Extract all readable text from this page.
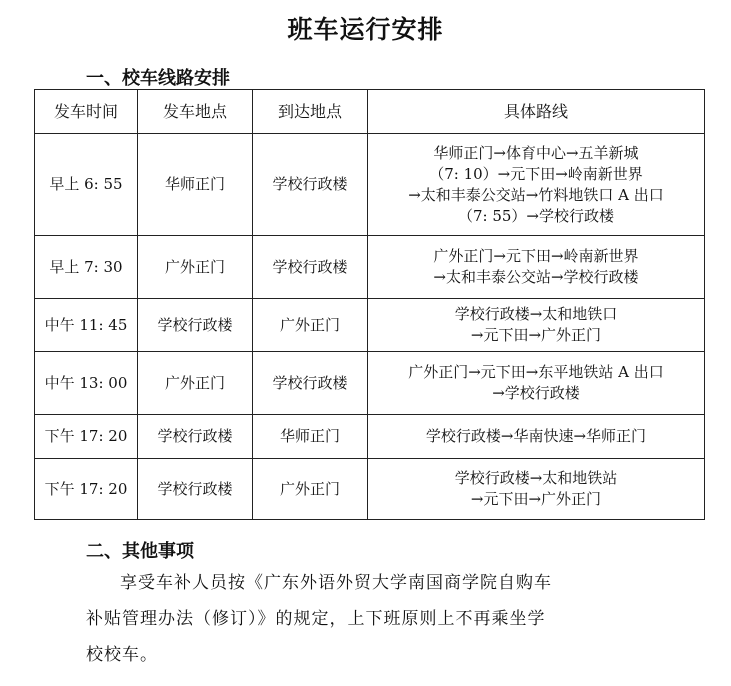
班车运行安排
一、校车线路安排
发车时间	发车地点	到达地点	具体路线
早上 6: 55	华师正门	学校行政楼	华师正门→体育中心→五羊新城
（7: 10）→元下田→岭南新世界
→太和丰泰公交站→竹料地铁口 A 出口
（7: 55）→学校行政楼

早上 7: 30	广外正门	学校行政楼	广外正门→元下田→岭南新世界
→太和丰泰公交站→学校行政楼

中午 11: 45	学校行政楼	广外正门	学校行政楼→太和地铁口
→元下田→广外正门

中午 13: 00	广外正门	学校行政楼	广外正门→元下田→东平地铁站 A 出口
→学校行政楼

下午 17: 20	学校行政楼	华师正门	学校行政楼→华南快速→华师正门

下午 17: 20	学校行政楼	广外正门	学校行政楼→太和地铁站
→元下田→广外正门
二、其他事项
享受车补人员按《广东外语外贸大学南国商学院自购车
补贴管理办法（修订）》的规定，上下班原则上不再乘坐学
校校车。
